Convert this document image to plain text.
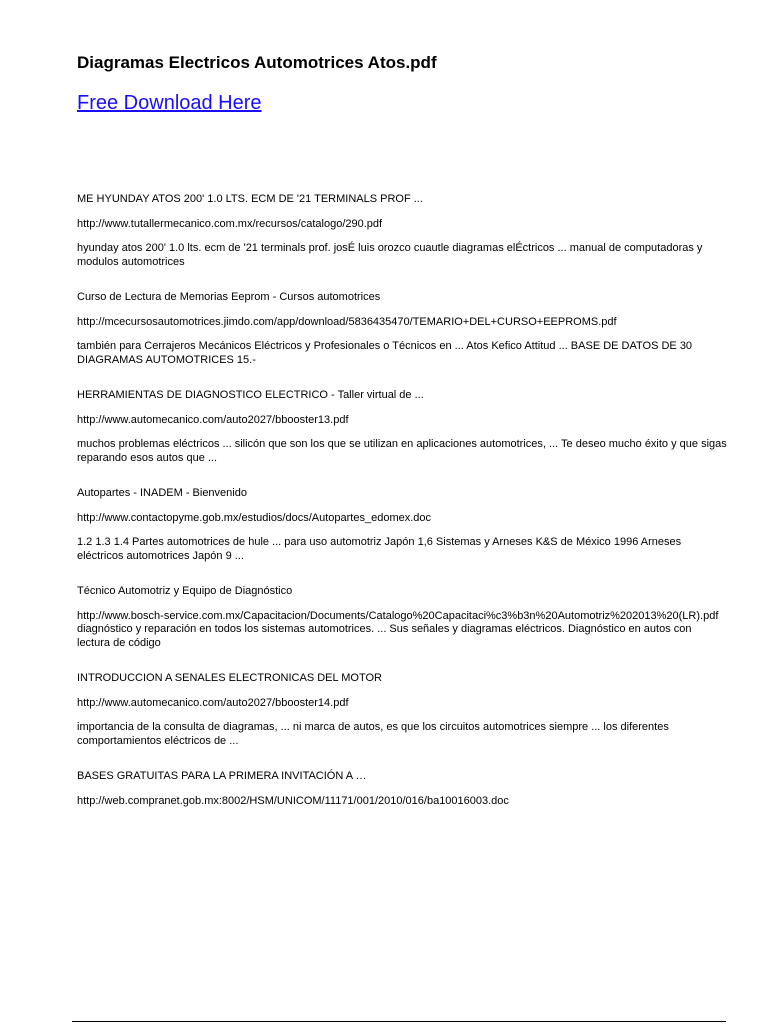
Diagramas Electricos Automotrices Atos.pdf
Free Download Here

ME HYUNDAY ATOS 200' 1.0 LTS. ECM DE '21 TERMINALS PROF ...

http://www.tutallermecanico.com.mx/recursos/catalogo/290.pdf

hyunday atos 200' 1.0 lts. ecm de '21 terminals prof. josÉ luis orozco cuautle diagramas elÉctricos ... manual de computadoras y modulos automotrices

Curso de Lectura de Memorias Eeprom - Cursos automotrices

http://mcecursosautomotrices.jimdo.com/app/download/5836435470/TEMARIO+DEL+CURSO+EEPROMS.pdf

también para Cerrajeros Mecánicos Eléctricos y Profesionales o Técnicos en ... Atos Kefico Attitud ... BASE DE DATOS DE 30 DIAGRAMAS AUTOMOTRICES 15.-

HERRAMIENTAS DE DIAGNOSTICO ELECTRICO - Taller virtual de ...

http://www.automecanico.com/auto2027/bbooster13.pdf

muchos problemas eléctricos ... silicón que son los que se utilizan en aplicaciones automotrices, ... Te deseo mucho éxito y que sigas reparando esos autos que ...

Autopartes - INADEM - Bienvenido

http://www.contactopyme.gob.mx/estudios/docs/Autopartes_edomex.doc

1.2 1.3 1.4 Partes automotrices de hule ... para uso automotriz Japón 1,6 Sistemas y Arneses K&S de México 1996 Arneses eléctricos automotrices Japón 9 ...

Técnico Automotriz y Equipo de Diagnóstico

http://www.bosch-service.com.mx/Capacitacion/Documents/Catalogo%20Capacitaci%c3%b3n%20Automotriz%202013%20(LR).pdf

diagnóstico y reparación en todos los sistemas automotrices. ... Sus señales y diagramas eléctricos. Diagnóstico en autos con lectura de código

INTRODUCCION A SENALES ELECTRONICAS DEL MOTOR

http://www.automecanico.com/auto2027/bbooster14.pdf

importancia de la consulta de diagramas, ... ni marca de autos, es que los circuitos automotrices siempre ... los diferentes comportamientos eléctricos de ...

BASES GRATUITAS PARA LA PRIMERA INVITACIÓN A …

http://web.compranet.gob.mx:8002/HSM/UNICOM/11171/001/2010/016/ba10016003.doc
